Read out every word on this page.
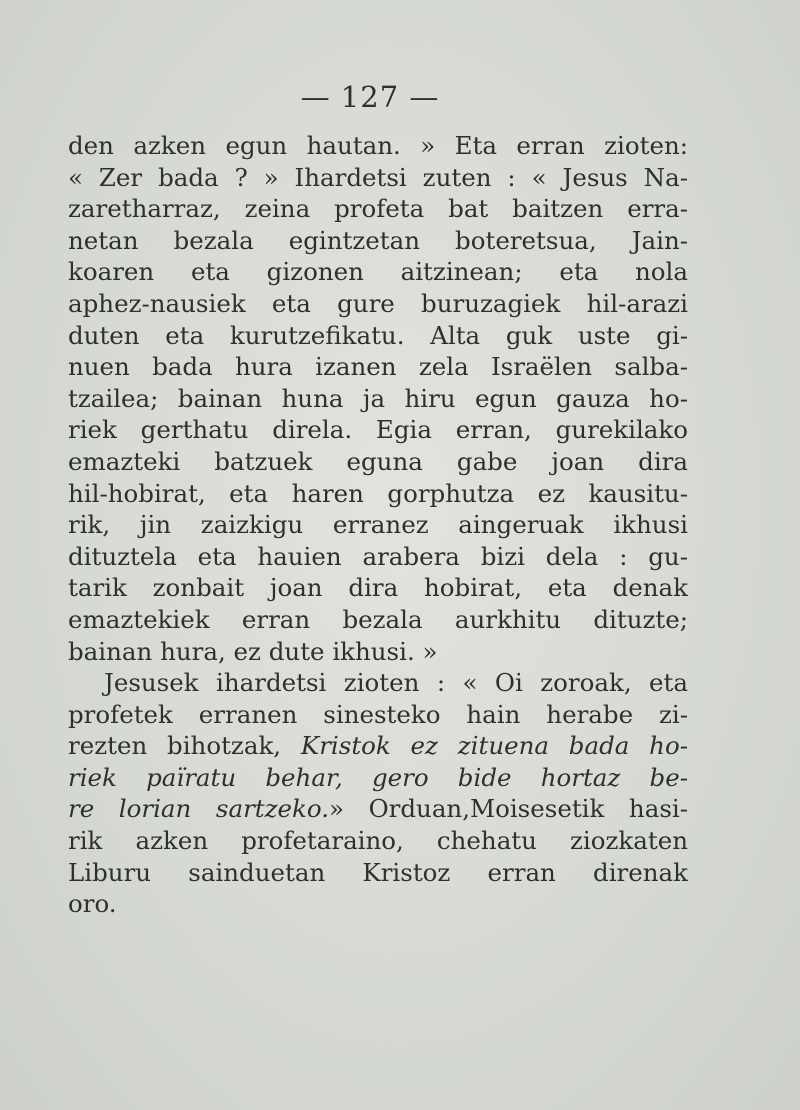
— 127 —
den azken egun hautan. » Eta erran zioten:
« Zer bada ? » Ihardetsi zuten : « Jesus Na-
zaretharraz, zeina profeta bat baitzen erra-
netan bezala egintzetan boteretsua, Jain-
koaren eta gizonen aitzinean; eta nola
aphez-nausiek eta gure buruzagiek hil-arazi
duten eta kurutzefikatu. Alta guk uste gi-
nuen bada hura izanen zela Israëlen salba-
tzailea; bainan huna ja hiru egun gauza ho-
riek gerthatu direla. Egia erran, gurekilako
emazteki batzuek eguna gabe joan dira
hil-hobirat, eta haren gorphutza ez kausitu-
rik, jin zaizkigu erranez aingeruak ikhusi
dituztela eta hauien arabera bizi dela : gu-
tarik zonbait joan dira hobirat, eta denak
emaztekiek erran bezala aurkhitu dituzte;
bainan hura, ez dute ikhusi. »
Jesusek ihardetsi zioten : « Oi zoroak, eta
profetek erranen sinesteko hain herabe zi-
rezten bihotzak, Kristok ez zituena bada ho-
riek païratu behar, gero bide hortaz be-
re lorian sartzeko.» Orduan,Moisesetik hasi-
rik azken profetaraino, chehatu ziozkaten
Liburu sainduetan Kristoz erran direnak
oro.
